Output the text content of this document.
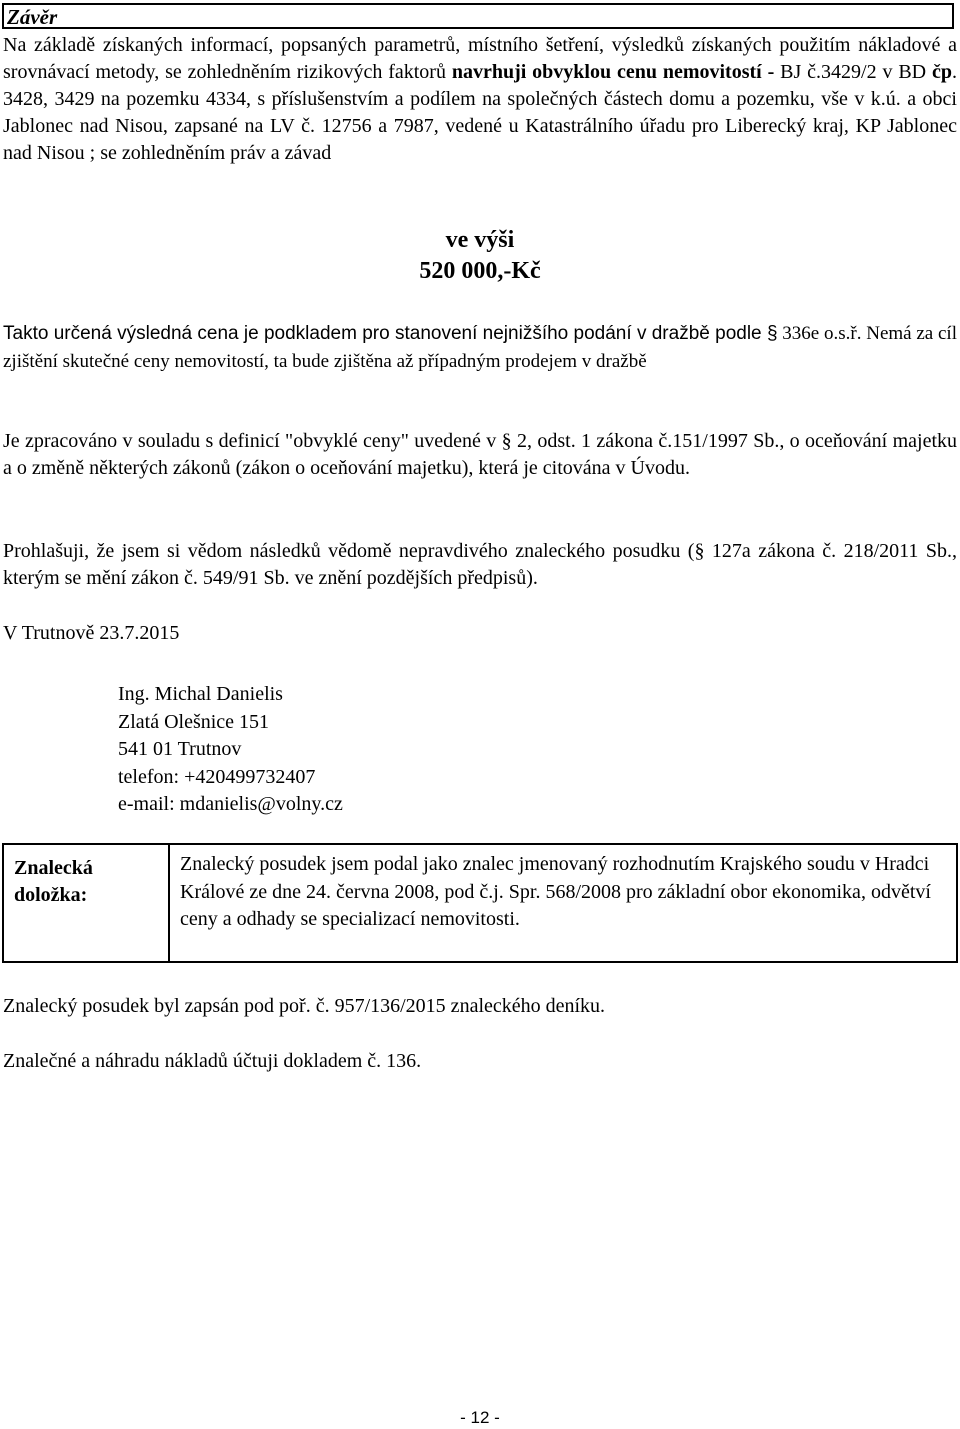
Závěr

Na základě získaných informací, popsaných parametrů, místního šetření, výsledků získaných použitím nákladové a srovnávací metody, se zohledněním rizikových faktorů navrhuji obvyklou cenu nemovitostí - BJ č.3429/2 v BD čp. 3428, 3429 na pozemku 4334, s příslušenstvím a podílem na společných částech domu a pozemku, vše v k.ú. a obci Jablonec nad Nisou, zapsané na LV č. 12756 a 7987, vedené u Katastrálního úřadu pro Liberecký kraj, KP Jablonec nad Nisou ; se zohledněním práv a závad

ve výši
520 000,-Kč

Takto určená výsledná cena je podkladem pro stanovení nejnižšího podání v dražbě podle § 336e o.s.ř. Nemá za cíl zjištění skutečné ceny nemovitostí, ta bude zjištěna až případným prodejem v dražbě

Je zpracováno v souladu s definicí "obvyklé ceny" uvedené v § 2, odst. 1 zákona č.151/1997 Sb., o oceňování majetku a o změně některých zákonů (zákon o oceňování majetku), která je citována v Úvodu.

Prohlašuji, že jsem si vědom následků vědomě nepravdivého znaleckého posudku (§ 127a zákona č. 218/2011 Sb., kterým se mění zákon č. 549/91 Sb. ve znění pozdějších předpisů).

V Trutnově 23.7.2015

Ing. Michal Danielis
Zlatá Olešnice 151
541 01 Trutnov
telefon: +420499732407
e-mail: mdanielis@volny.cz
Znalecká
doložka:
Znalecký posudek jsem podal jako znalec jmenovaný rozhodnutím Krajského soudu v Hradci Králové ze dne 24. června 2008, pod č.j. Spr. 568/2008 pro základní obor ekonomika, odvětví ceny a odhady se specializací nemovitosti.

Znalecký posudek byl zapsán pod poř. č. 957/136/2015 znaleckého deníku.

Znalečné a náhradu nákladů účtuji dokladem č. 136.

- 12 -
